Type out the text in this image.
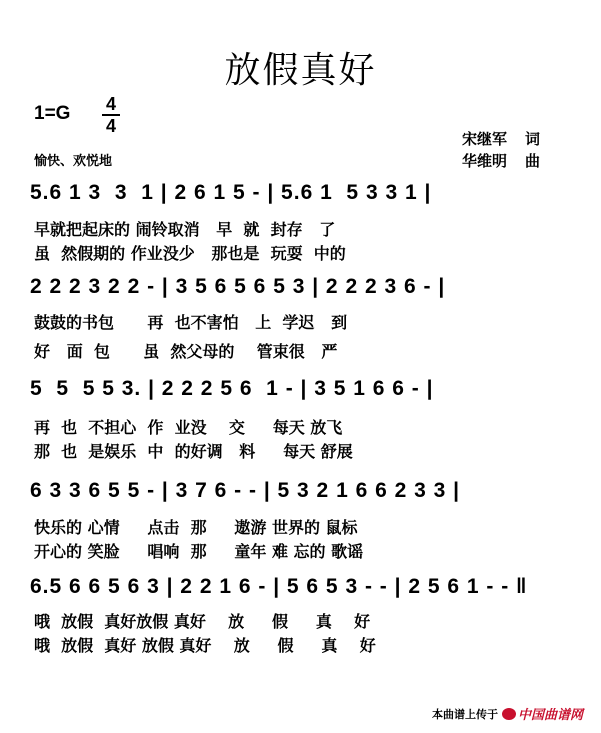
放假真好
1=G 4
4
愉快、欢悦地
宋继军 词
华维明 曲
5.6 1 3  3  1 | 2 6 1 5 - | 5.6 1  5 3 3 1 |
早就把起床的 闹铃取消   早  就  封存   了
虽  然假期的 作业没少   那也是  玩耍  中的
2 2 2 3 2 2 - | 3 5 6 5 6 5 3 | 2 2 2 3 6 - |
鼓鼓的书包      再  也不害怕   上  学迟   到
好   面  包      虽  然父母的    管束很   严
5  5  5 5 3. | 2 2 2 5 6  1 - | 3 5 1 6 6 - |
再  也  不担心  作  业没    交     每天 放飞
那  也  是娱乐  中  的好调   料     每天 舒展
6 3 3 6 5 5 - | 3 7 6 - - | 5 3 2 1 6 6 2 3 3 |
快乐的 心情     点击  那     遨游 世界的 鼠标
开心的 笑脸     唱响  那     童年 难 忘的 歌谣
6.5 6 6 5 6 3 | 2 2 1 6 - | 5 6 5 3 - - | 2 5 6 1 - - ‖
哦  放假  真好放假 真好    放     假     真    好
哦  放假  真好 放假 真好    放     假     真    好
本曲谱上传于 中国曲谱网
